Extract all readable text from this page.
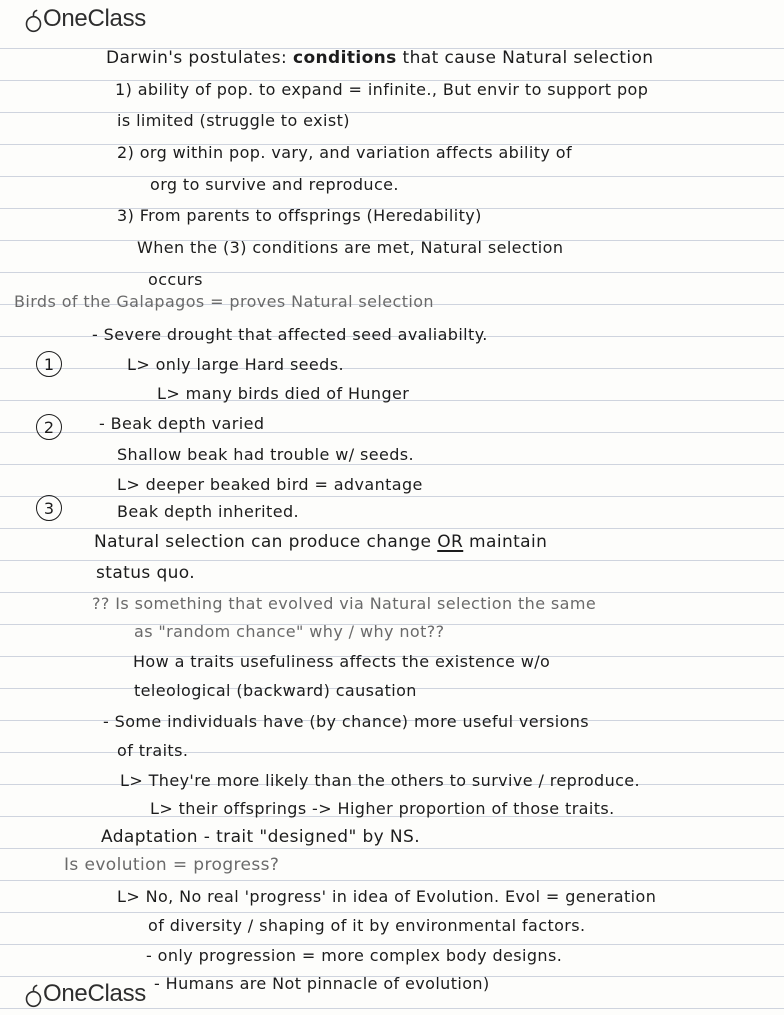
OneClass
Darwin's postulates: conditions that cause Natural selection
1) ability of pop. to expand = infinite., But envir to support pop
is limited (struggle to exist)
2) org within pop. vary, and variation affects ability of
org to survive and reproduce.
3) From parents to offsprings (Heredability)
When the (3) conditions are met, Natural selection
occurs
Birds of the Galapagos = proves Natural selection
- Severe drought that affected seed avaliabilty.
1	L> only large Hard seeds.
L> many birds died of Hunger
2	- Beak depth varied
Shallow beak had trouble w/ seeds.
L> deeper beaked bird = advantage
3	Beak depth inherited.
Natural selection can produce change OR maintain
status quo.
?? Is something that evolved via Natural selection the same
as "random chance" why / why not??
How a traits usefuliness affects the existence w/o
teleological (backward) causation
- Some individuals have (by chance) more useful versions
of traits.
L> They're more likely than the others to survive / reproduce.
L> their offsprings -> Higher proportion of those traits.
Adaptation - trait "designed" by NS.
Is evolution = progress?
L> No, No real 'progress' in idea of Evolution. Evol = generation
of diversity / shaping of it by environmental factors.
- only progression = more complex body designs.
- Humans are Not pinnacle of evolution)
OneClass
